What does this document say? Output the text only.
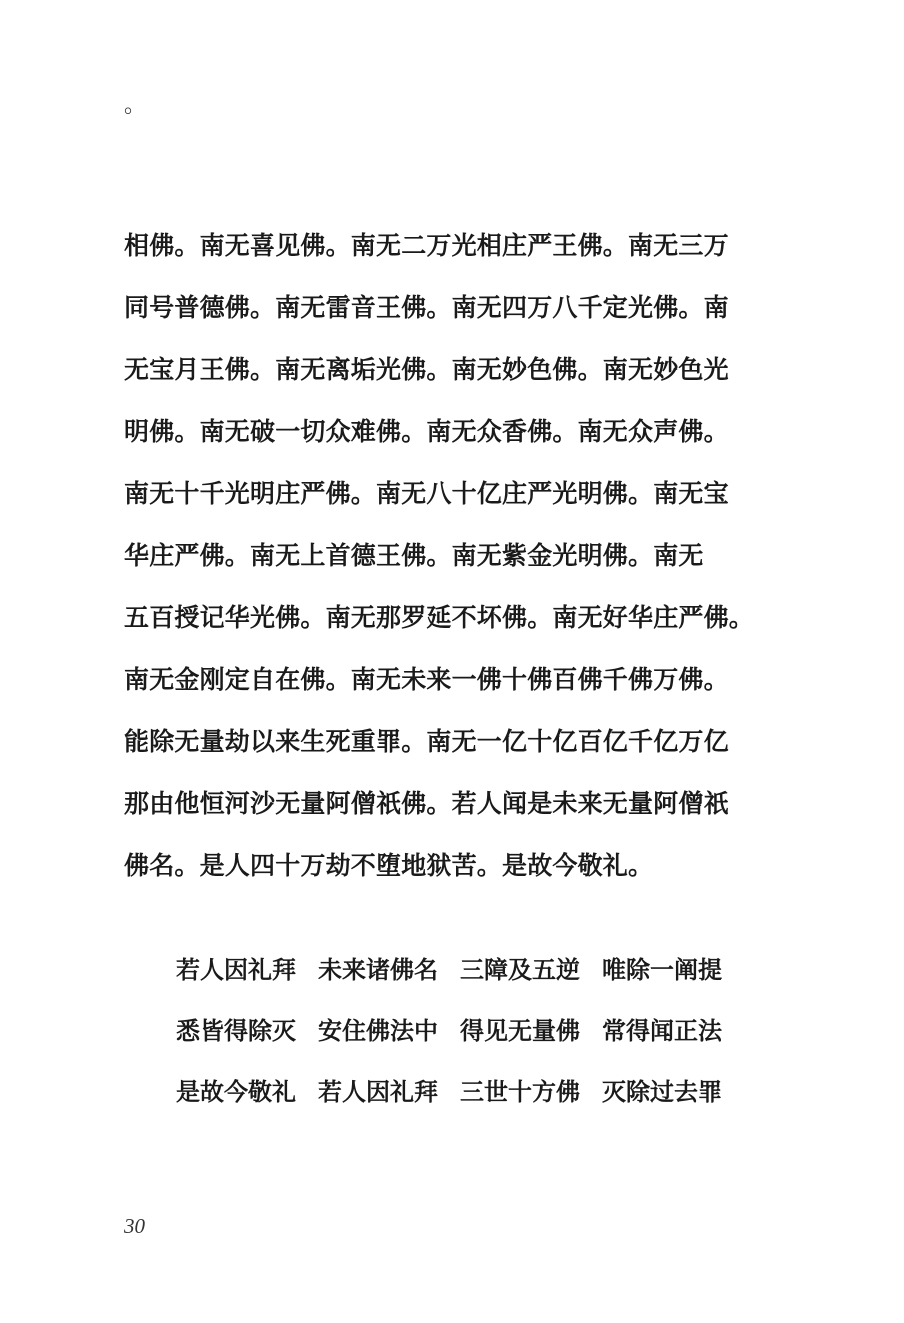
。
相佛。南无喜见佛。南无二万光相庄严王佛。南无三万
同号普德佛。南无雷音王佛。南无四万八千定光佛。南
无宝月王佛。南无离垢光佛。南无妙色佛。南无妙色光
明佛。南无破一切众难佛。南无众香佛。南无众声佛。
南无十千光明庄严佛。南无八十亿庄严光明佛。南无宝
华庄严佛。南无上首德王佛。南无紫金光明佛。南无
五百授记华光佛。南无那罗延不坏佛。南无好华庄严佛。
南无金刚定自在佛。南无未来一佛十佛百佛千佛万佛。
能除无量劫以来生死重罪。南无一亿十亿百亿千亿万亿
那由他恒河沙无量阿僧祇佛。若人闻是未来无量阿僧祇
佛名。是人四十万劫不堕地狱苦。是故今敬礼。
若人因礼拜 未来诸佛名 三障及五逆 唯除一阐提
悉皆得除灭 安住佛法中 得见无量佛 常得闻正法
是故今敬礼 若人因礼拜 三世十方佛 灭除过去罪
30
